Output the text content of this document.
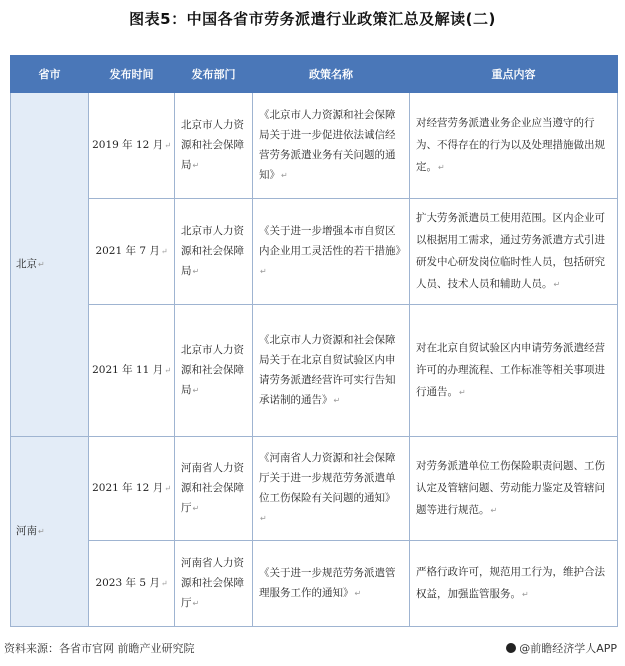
图表5：中国各省市劳务派遣行业政策汇总及解读(二)
省市	发布时间	发布部门	政策名称	重点内容
北京↵	2019 年 12 月↵	北京市人力资源和社会保障局↵	《北京市人力资源和社会保障局关于进一步促进依法诚信经营劳务派遣业务有关问题的通知》↵	对经营劳务派遣业务企业应当遵守的行为、不得存在的行为以及处理措施做出规定。↵
	2021 年 7 月↵	北京市人力资源和社会保障局↵	《关于进一步增强本市自贸区内企业用工灵活性的若干措施》↵	扩大劳务派遣员工使用范围。区内企业可以根据用工需求，通过劳务派遣方式引进研发中心研发岗位临时性人员，包括研究人员、技术人员和辅助人员。↵
	2021 年 11 月↵	北京市人力资源和社会保障局↵	《北京市人力资源和社会保障局关于在北京自贸试验区内申请劳务派遣经营许可实行告知承诺制的通告》↵	对在北京自贸试验区内申请劳务派遣经营许可的办理流程、工作标准等相关事项进行通告。↵
河南↵	2021 年 12 月↵	河南省人力资源和社会保障厅↵	《河南省人力资源和社会保障厅关于进一步规范劳务派遣单位工伤保险有关问题的通知》↵	对劳务派遣单位工伤保险职责问题、工伤认定及管辖问题、劳动能力鉴定及管辖问题等进行规范。↵
	2023 年 5 月↵	河南省人力资源和社会保障厅↵	《关于进一步规范劳务派遣管理服务工作的通知》↵	严格行政许可，规范用工行为，维护合法权益，加强监管服务。↵
资料来源：各省市官网 前瞻产业研究院	@前瞻经济学人APP
